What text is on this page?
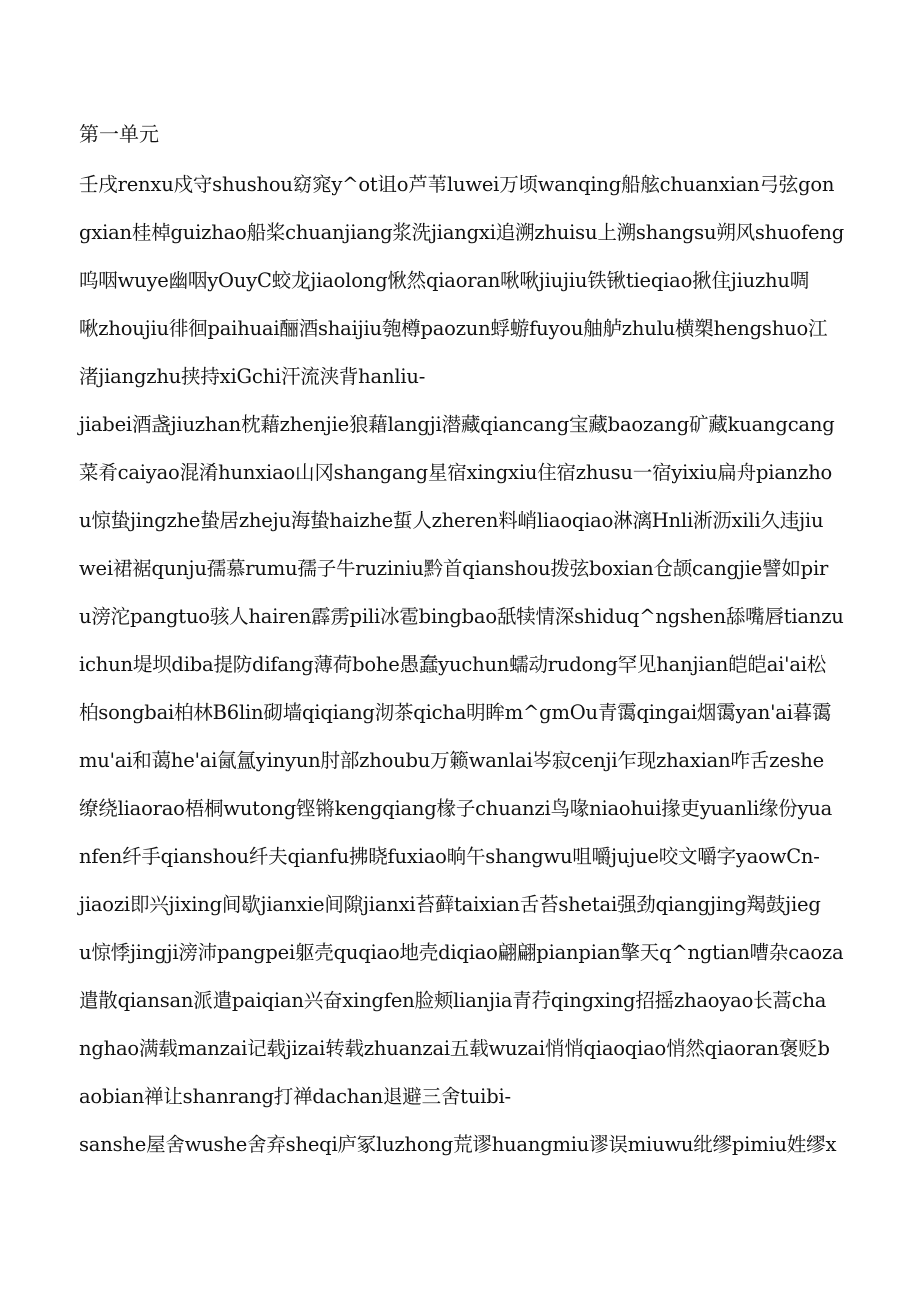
第一单元
壬戌renxu戍守shushou窈窕y^ot诅o芦苇luwei万顷wanqing船舷chuanxian弓弦gon
gxian桂棹guizhao船桨chuanjiang浆洗jiangxi追溯zhuisu上溯shangsu朔风shuofeng
呜咽wuye幽咽yOuyC蛟龙jiaolong愀然qiaoran啾啾jiujiu铁锹tieqiao揪住jiuzhu啁
啾zhoujiu徘徊paihuai酾酒shaijiu匏樽paozun蜉蝣fuyou舳舻zhulu横槊hengshuo江
渚jiangzhu挟持xiGchi汗流浃背hanliu-
jiabei酒盏jiuzhan枕藉zhenjie狼藉langji潜藏qiancang宝藏baozang矿藏kuangcang
菜肴caiyao混淆hunxiao山冈shangang星宿xingxiu住宿zhusu一宿yixiu扁舟pianzho
u惊蛰jingzhe蛰居zheju海蛰haizhe蜇人zheren料峭liaoqiao淋漓Hnli淅沥xili久违jiu
wei裙裾qunju孺慕rumu孺子牛ruziniu黔首qianshou拨弦boxian仓颉cangjie譬如pir
u滂沱pangtuo骇人hairen霹雳pili冰雹bingbao舐犊情深shiduq^ngshen舔嘴唇tianzu
ichun堤坝diba提防difang薄荷bohe愚蠢yuchun蠕动rudong罕见hanjian皑皑ai'ai松
柏songbai柏林B6lin砌墙qiqiang沏茶qicha明眸m^gmOu青霭qingai烟霭yan'ai暮霭
mu'ai和蔼he'ai氤氲yinyun肘部zhoubu万籁wanlai岑寂cenji乍现zhaxian咋舌zeshe
缭绕liaorao梧桐wutong铿锵kengqiang椽子chuanzi鸟喙niaohui掾吏yuanli缘份yua
nfen纤手qianshou纤夫qianfu拂晓fuxiao晌午shangwu咀嚼jujue咬文嚼字yaowCn-
jiaozi即兴jixing间歇jianxie间隙jianxi苔藓taixian舌苔shetai强劲qiangjing羯鼓jieg
u惊悸jingji滂沛pangpei躯壳quqiao地壳diqiao翩翩pianpian擎天q^ngtian嘈杂caoza
遣散qiansan派遣paiqian兴奋xingfen脸颊lianjia青荇qingxing招摇zhaoyao长蒿cha
nghao满载manzai记载jizai转载zhuanzai五载wuzai悄悄qiaoqiao悄然qiaoran褒贬b
aobian禅让shanrang打禅dachan退避三舍tuibi-
sanshe屋舍wushe舍弃sheqi庐冢luzhong荒谬huangmiu谬误miuwu纰缪pimiu姓缪x
